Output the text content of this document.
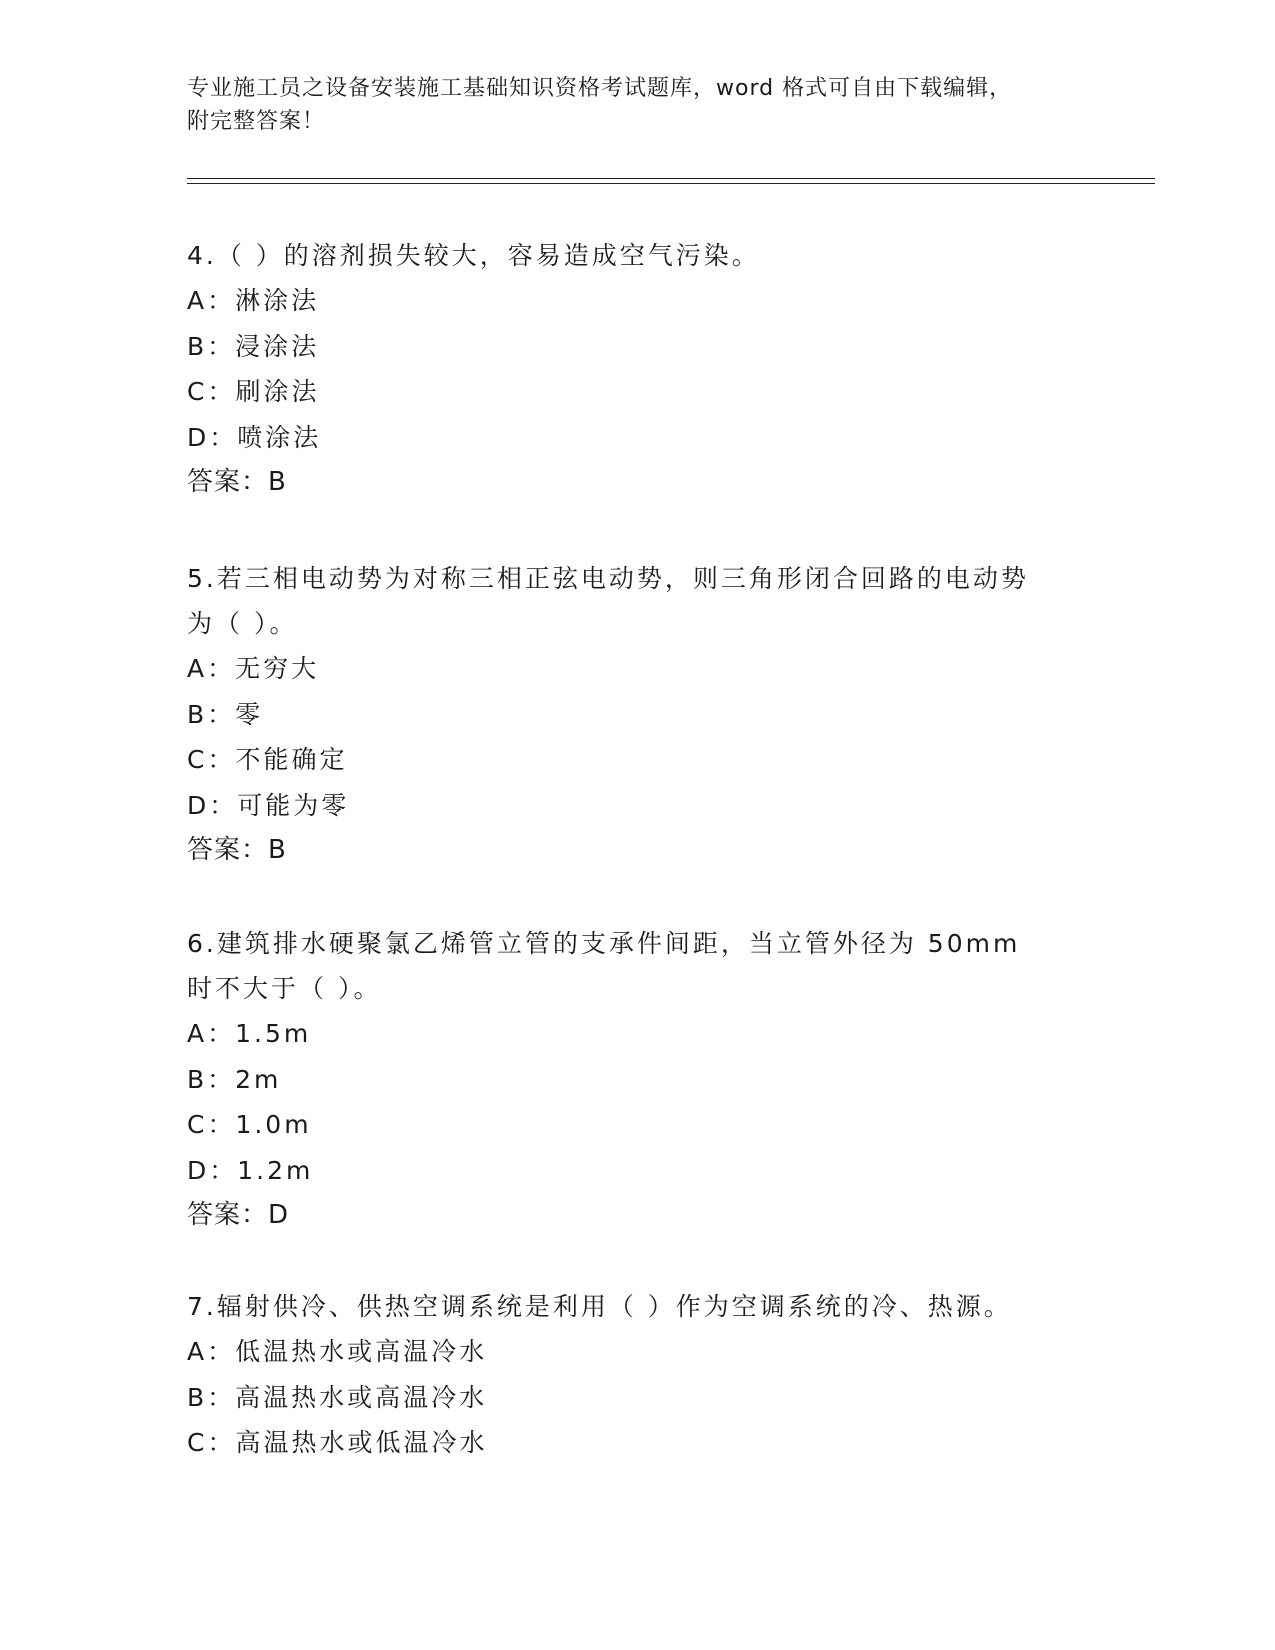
专业施工员之设备安装施工基础知识资格考试题库，word 格式可自由下载编辑，
附完整答案！

4.（ ）的溶剂损失较大，容易造成空气污染。

A：淋涂法

B：浸涂法

C：刷涂法

D：喷涂法

答案：B

5.若三相电动势为对称三相正弦电动势，则三角形闭合回路的电动势为（ ）。

A：无穷大

B：零

C：不能确定

D：可能为零

答案：B

6.建筑排水硬聚氯乙烯管立管的支承件间距，当立管外径为 50mm 时不大于（ ）。

A：1.5m

B：2m

C：1.0m

D：1.2m

答案：D

7.辐射供冷、供热空调系统是利用（ ）作为空调系统的冷、热源。

A：低温热水或高温冷水

B：高温热水或高温冷水

C：高温热水或低温冷水
